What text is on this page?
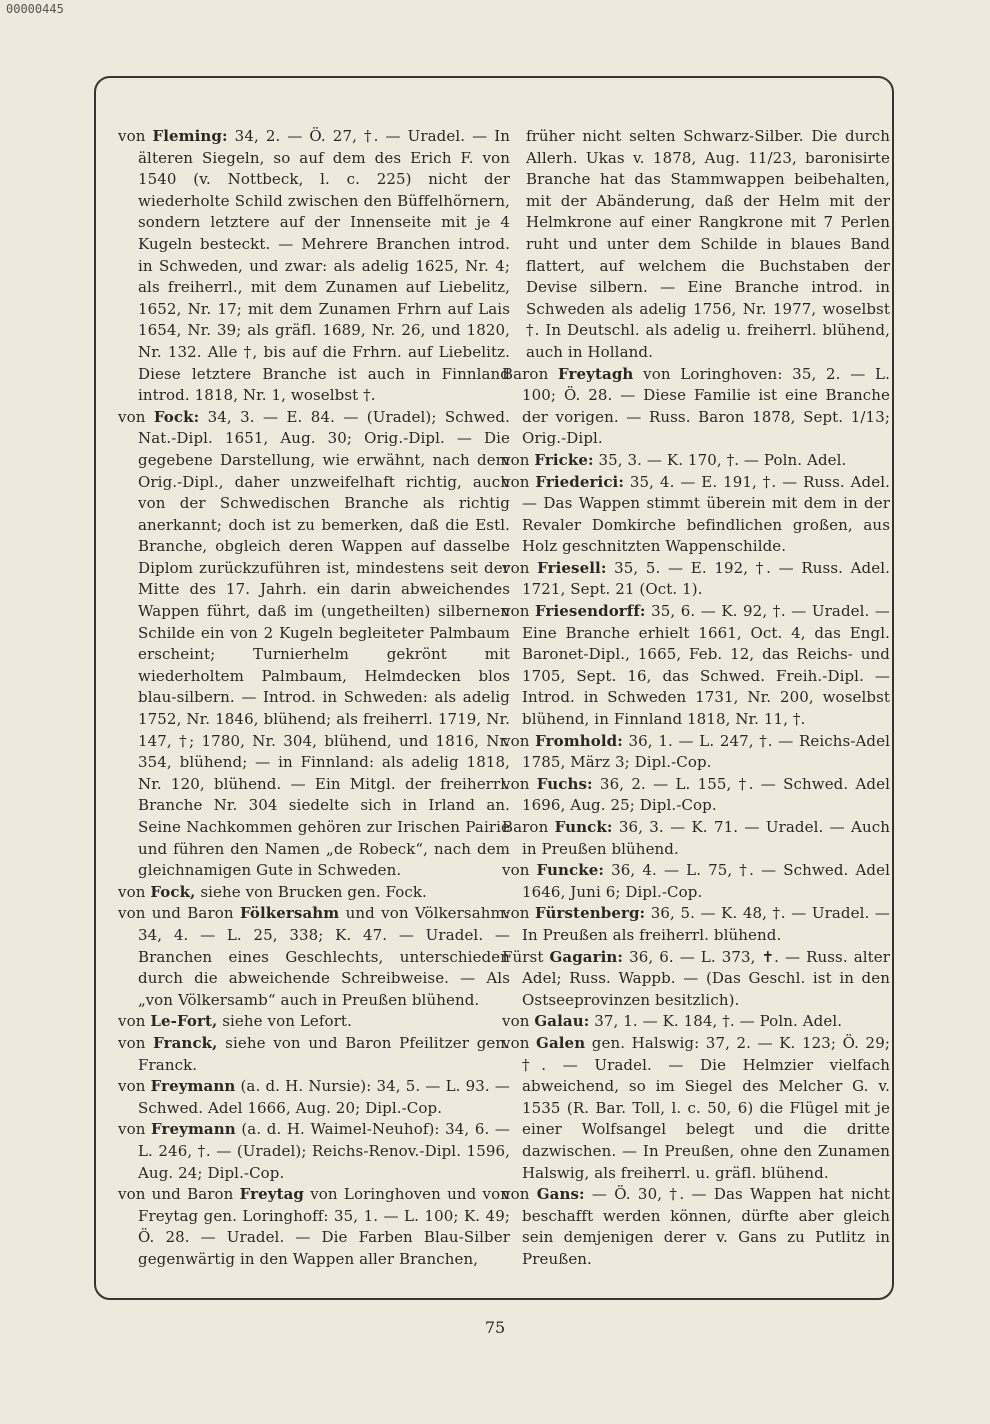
00000445

von Fleming: 34, 2. — Ö. 27, †. — Uradel. — In älteren Siegeln, so auf dem des Erich F. von 1540 (v. Nottbeck, l. c. 225) nicht der wiederholte Schild zwischen den Büffelhörnern, sondern letztere auf der Innenseite mit je 4 Kugeln besteckt. — Mehrere Branchen introd. in Schweden, und zwar: als adelig 1625, Nr. 4; als freiherrl., mit dem Zunamen auf Liebelitz, 1652, Nr. 17; mit dem Zunamen Frhrn auf Lais 1654, Nr. 39; als gräfl. 1689, Nr. 26, und 1820, Nr. 132. Alle †, bis auf die Frhrn. auf Liebelitz. Diese letztere Branche ist auch in Finnland introd. 1818, Nr. 1, woselbst †.

von Fock: 34, 3. — E. 84. — (Uradel); Schwed. Nat.-Dipl. 1651, Aug. 30; Orig.-Dipl. — Die gegebene Darstellung, wie erwähnt, nach dem Orig.-Dipl., daher unzweifelhaft richtig, auch von der Schwedischen Branche als richtig anerkannt; doch ist zu bemerken, daß die Estl. Branche, obgleich deren Wappen auf dasselbe Diplom zurückzuführen ist, mindestens seit der Mitte des 17. Jahrh. ein darin abweichendes Wappen führt, daß im (ungetheilten) silbernen Schilde ein von 2 Kugeln begleiteter Palmbaum erscheint; Turnierhelm gekrönt mit wiederholtem Palmbaum, Helmdecken blos blau-silbern. — Introd. in Schweden: als adelig 1752, Nr. 1846, blühend; als freiherrl. 1719, Nr. 147, †; 1780, Nr. 304, blühend, und 1816, Nr. 354, blühend; — in Finnland: als adelig 1818, Nr. 120, blühend. — Ein Mitgl. der freiherrl. Branche Nr. 304 siedelte sich in Irland an. Seine Nachkommen gehören zur Irischen Pairie und führen den Namen „de Robeck“, nach dem gleichnamigen Gute in Schweden.

von Fock, siehe von Brucken gen. Fock.

von und Baron Fölkersahm und von Völkersahm: 34, 4. — L. 25, 338; K. 47. — Uradel. — Branchen eines Geschlechts, unterschieden durch die abweichende Schreibweise. — Als „von Völkersamb“ auch in Preußen blühend.

von Le-Fort, siehe von Lefort.

von Franck, siehe von und Baron Pfeilitzer gen. Franck.

von Freymann (a. d. H. Nursie): 34, 5. — L. 93. — Schwed. Adel 1666, Aug. 20; Dipl.-Cop.

von Freymann (a. d. H. Waimel-Neuhof): 34, 6. — L. 246, †. — (Uradel); Reichs-Renov.-Dipl. 1596, Aug. 24; Dipl.-Cop.

von und Baron Freytag von Loringhoven und von Freytag gen. Loringhoff: 35, 1. — L. 100; K. 49; Ö. 28. — Uradel. — Die Farben Blau-Silber gegenwärtig in den Wappen aller Branchen,

früher nicht selten Schwarz-Silber. Die durch Allerh. Ukas v. 1878, Aug. 11/23, baronisirte Branche hat das Stammwappen beibehalten, mit der Abänderung, daß der Helm mit der Helmkrone auf einer Rangkrone mit 7 Perlen ruht und unter dem Schilde in blaues Band flattert, auf welchem die Buchstaben der Devise silbern. — Eine Branche introd. in Schweden als adelig 1756, Nr. 1977, woselbst †. In Deutschl. als adelig u. freiherrl. blühend, auch in Holland.

Baron Freytagh von Loringhoven: 35, 2. — L. 100; Ö. 28. — Diese Familie ist eine Branche der vorigen. — Russ. Baron 1878, Sept. 1/13; Orig.-Dipl.

von Fricke: 35, 3. — K. 170, †. — Poln. Adel.

von Friederici: 35, 4. — E. 191, †. — Russ. Adel. — Das Wappen stimmt überein mit dem in der Revaler Domkirche befindlichen großen, aus Holz geschnitzten Wappenschilde.

von Friesell: 35, 5. — E. 192, †. — Russ. Adel. 1721, Sept. 21 (Oct. 1).

von Friesendorff: 35, 6. — K. 92, †. — Uradel. — Eine Branche erhielt 1661, Oct. 4, das Engl. Baronet-Dipl., 1665, Feb. 12, das Reichs- und 1705, Sept. 16, das Schwed. Freih.-Dipl. — Introd. in Schweden 1731, Nr. 200, woselbst blühend, in Finnland 1818, Nr. 11, †.

von Fromhold: 36, 1. — L. 247, †. — Reichs-Adel 1785, März 3; Dipl.-Cop.

von Fuchs: 36, 2. — L. 155, †. — Schwed. Adel 1696, Aug. 25; Dipl.-Cop.

Baron Funck: 36, 3. — K. 71. — Uradel. — Auch in Preußen blühend.

von Funcke: 36, 4. — L. 75, †. — Schwed. Adel 1646, Juni 6; Dipl.-Cop.

von Fürstenberg: 36, 5. — K. 48, †. — Uradel. — In Preußen als freiherrl. blühend.

Fürst Gagarin: 36, 6. — L. 373, ✝. — Russ. alter Adel; Russ. Wappb. — (Das Geschl. ist in den Ostseeprovinzen besitzlich).

von Galau: 37, 1. — K. 184, †. — Poln. Adel.

von Galen gen. Halswig: 37, 2. — K. 123; Ö. 29; †. — Uradel. — Die Helmzier vielfach abweichend, so im Siegel des Melcher G. v. 1535 (R. Bar. Toll, l. c. 50, 6) die Flügel mit je einer Wolfsangel belegt und die dritte dazwischen. — In Preußen, ohne den Zunamen Halswig, als freiherrl. u. gräfl. blühend.

von Gans: — Ö. 30, †. — Das Wappen hat nicht beschafft werden können, dürfte aber gleich sein demjenigen derer v. Gans zu Putlitz in Preußen.

75
